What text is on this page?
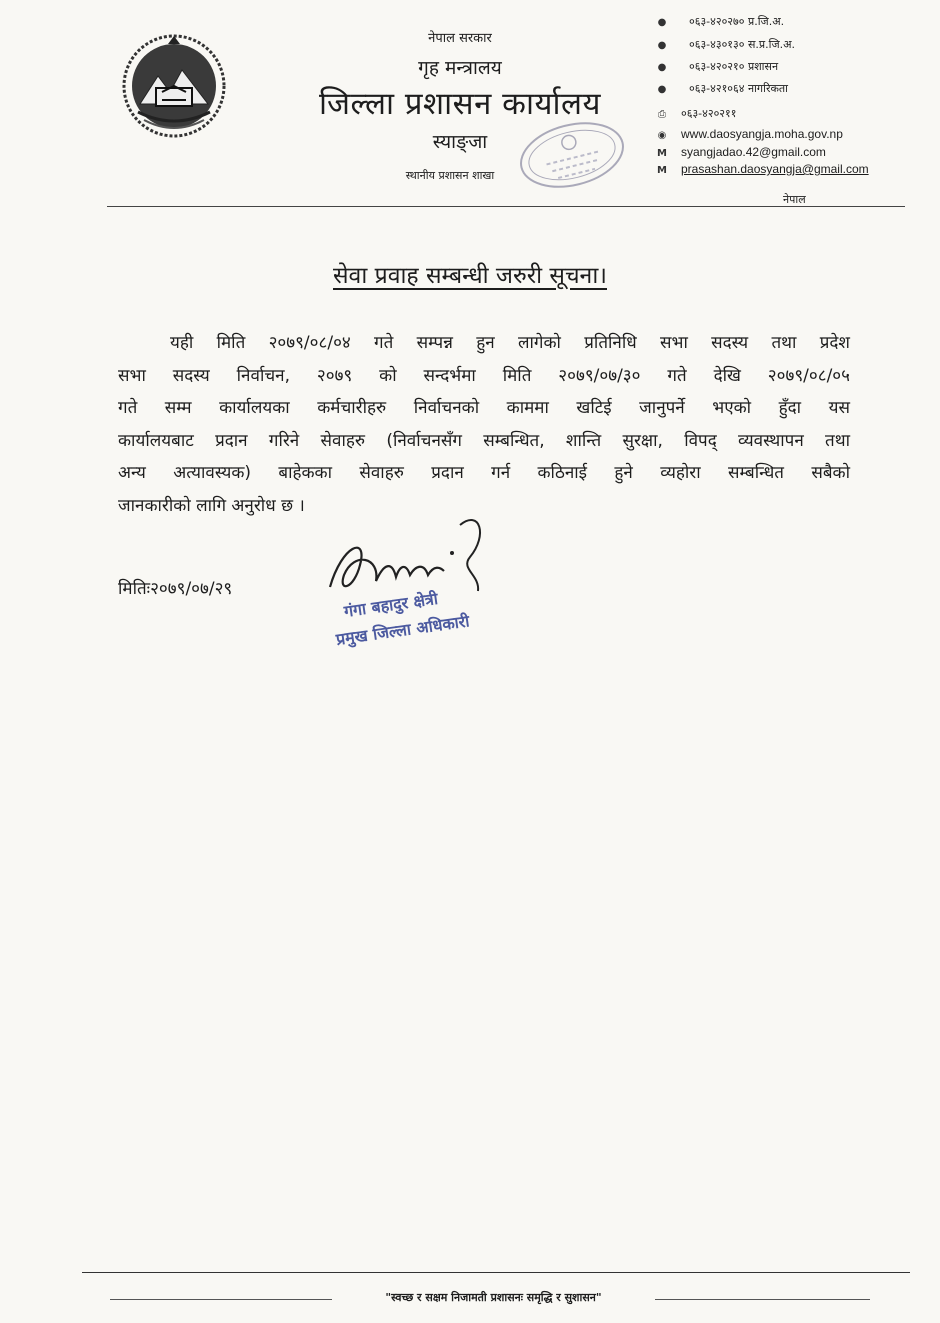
नेपाल सरकार
गृह मन्त्रालय
जिल्ला प्रशासन कार्यालय
स्याङ्जा
स्थानीय प्रशासन शाखा
● ०६३-४२०२७० प्र.जि.अ.
● ०६३-४३०१३० स.प्र.जि.अ.
● ०६३-४२०२१० प्रशासन
● ०६३-४२१०६४ नागरिकता
⎙ ०६३-४२०२११
◉ www.daosyangja.moha.gov.np
M syangjadao.42@gmail.com
M prasashan.daosyangja@gmail.com
नेपाल
सेवा प्रवाह सम्बन्धी जरुरी सूचना।
यही मिति २०७९/०८/०४ गते सम्पन्न हुन लागेको प्रतिनिधि सभा सदस्य तथा प्रदेश
सभा सदस्य निर्वाचन, २०७९ को सन्दर्भमा मिति २०७९/०७/३० गते देखि २०७९/०८/०५
गते सम्म कार्यालयका कर्मचारीहरु निर्वाचनको काममा खटिई जानुपर्ने भएको हुँदा यस
कार्यालयबाट प्रदान गरिने सेवाहरु (निर्वाचनसँग सम्बन्धित, शान्ति सुरक्षा, विपद् व्यवस्थापन तथा
अन्य अत्यावस्यक) बाहेकका सेवाहरु प्रदान गर्न कठिनाई हुने व्यहोरा सम्बन्धित सबैको
जानकारीको लागि अनुरोध छ ।
मितिः२०७९/०७/२९	गंगा बहादुर क्षेत्री
प्रमुख जिल्ला अधिकारी
"स्वच्छ र सक्षम निजामती प्रशासनः समृद्धि र सुशासन"
